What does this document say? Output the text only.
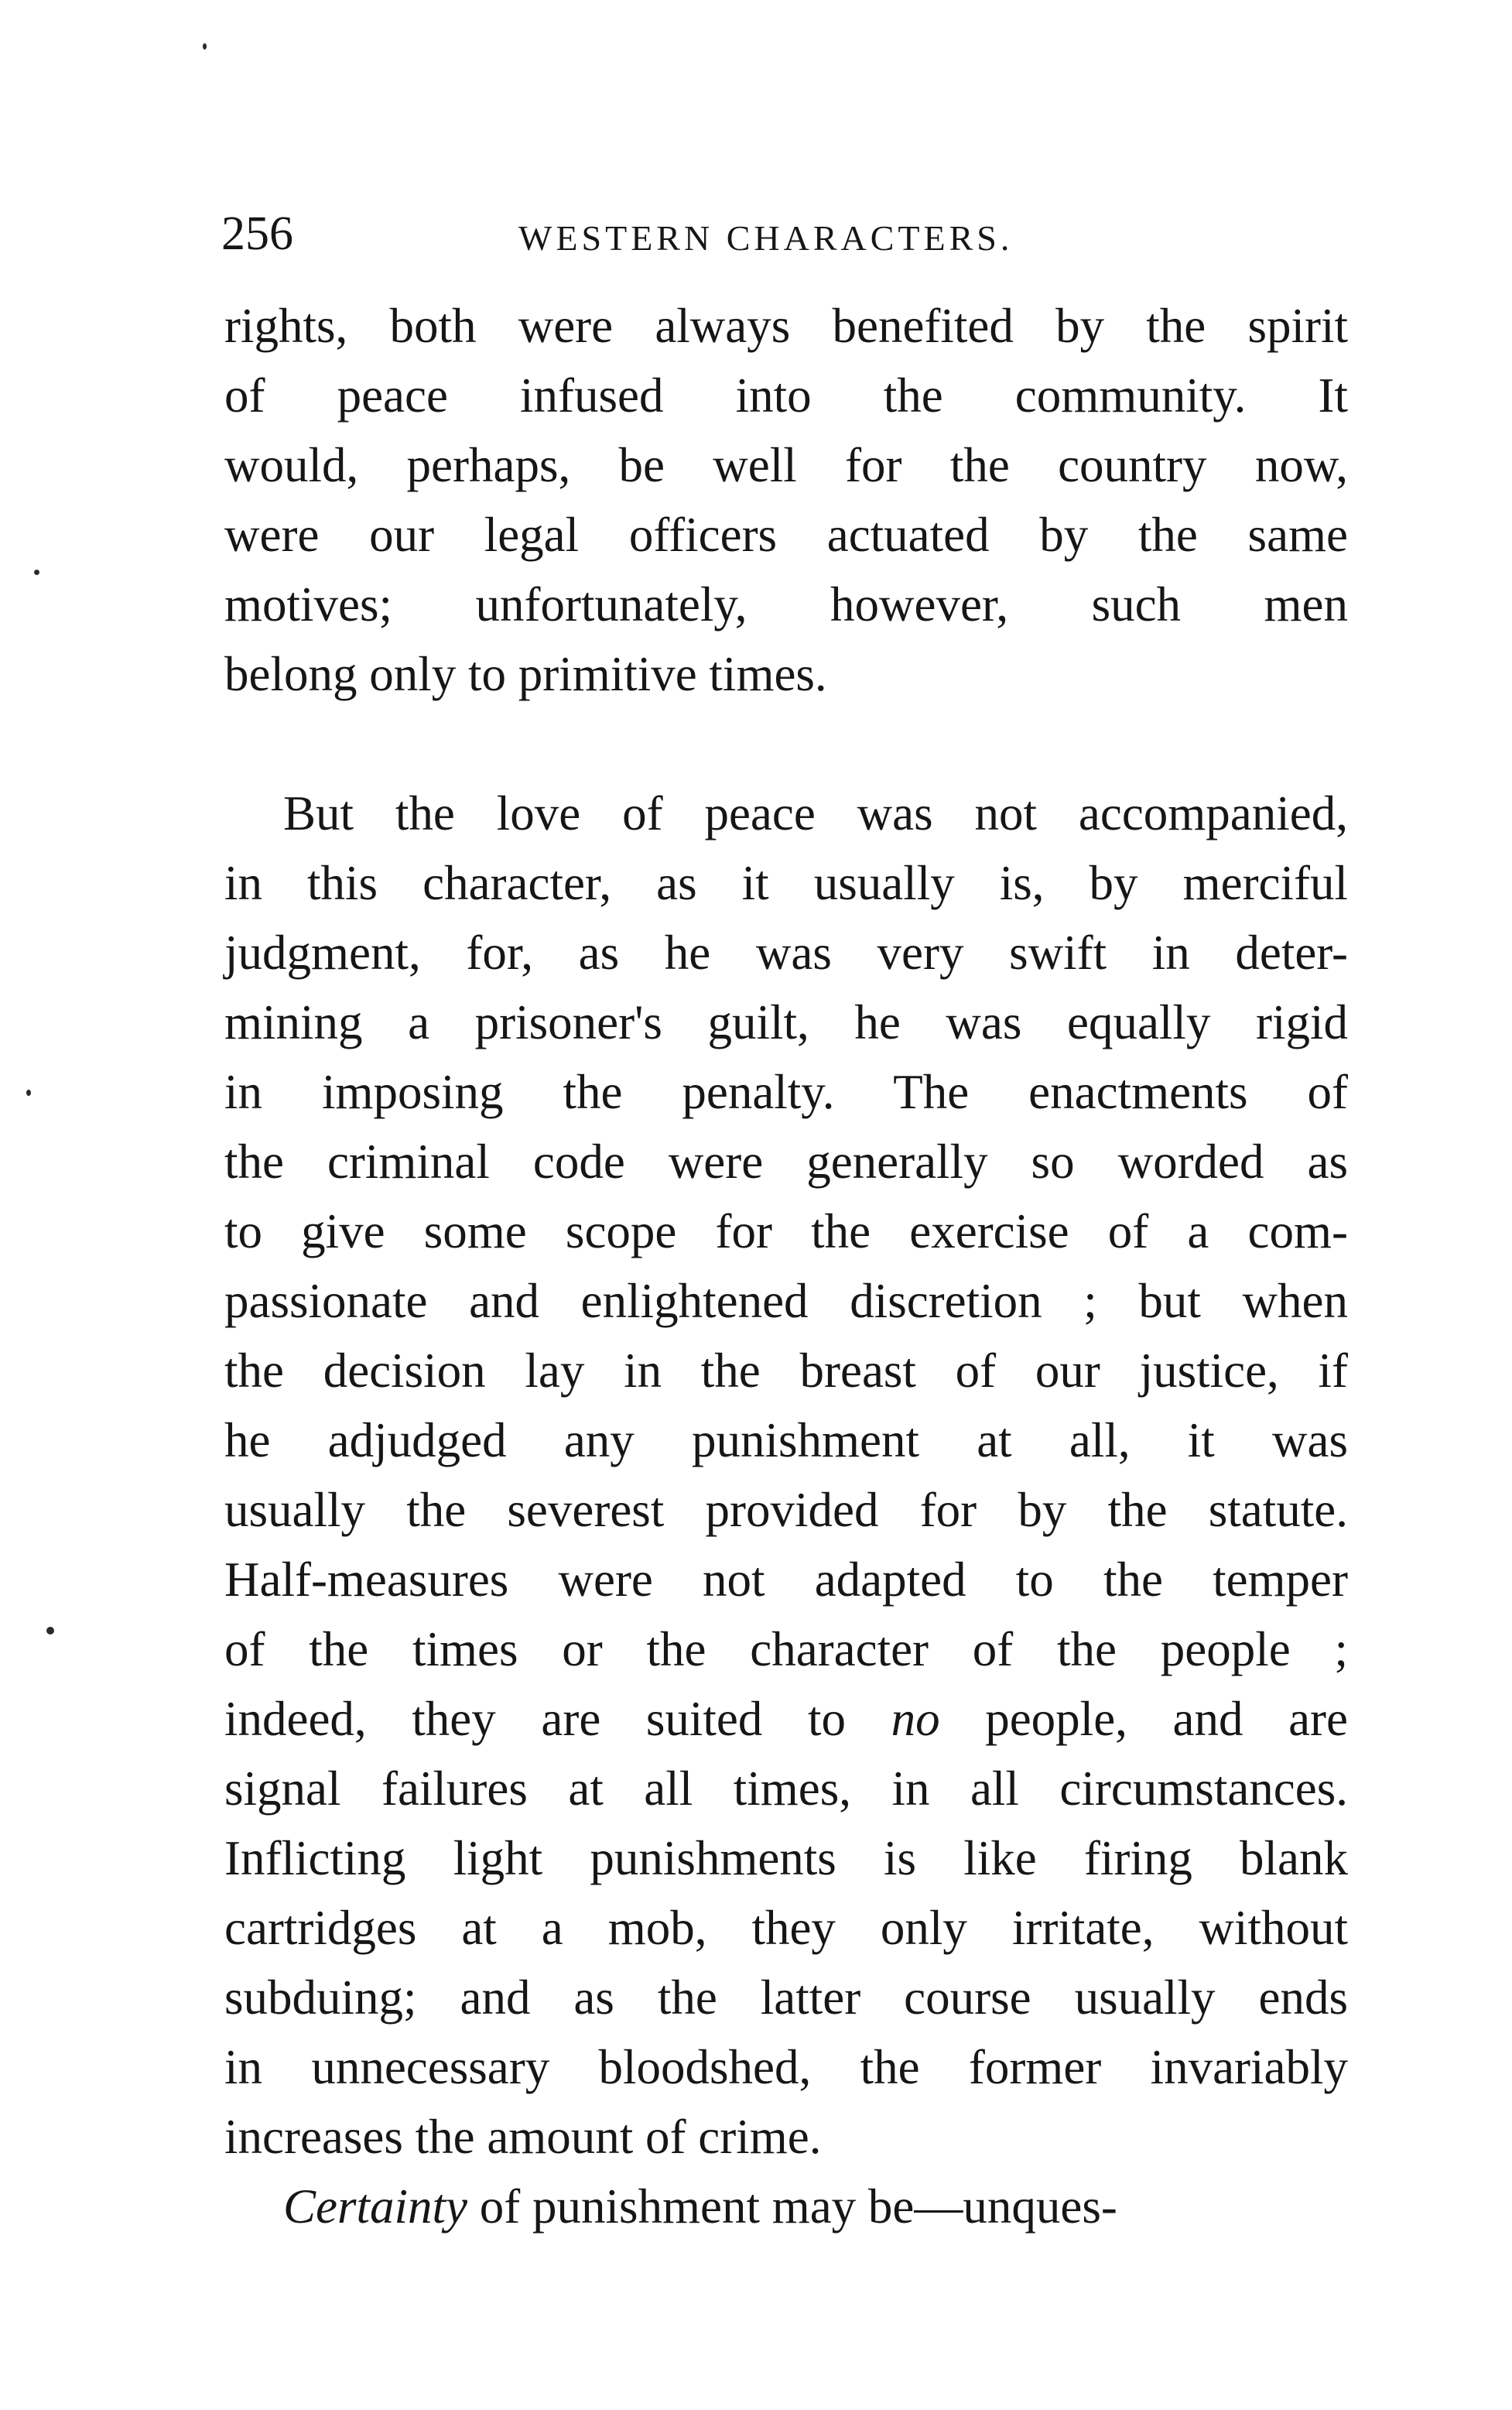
256	WESTERN CHARACTERS.
rights, both were always benefited by the spirit
of peace infused into the community. It
would, perhaps, be well for the country now,
were our legal officers actuated by the same
motives; unfortunately, however, such men
belong only to primitive times.
But the love of peace was not accompanied,
in this character, as it usually is, by merciful
judgment, for, as he was very swift in deter-
mining a prisoner's guilt, he was equally rigid
in imposing the penalty. The enactments of
the criminal code were generally so worded as
to give some scope for the exercise of a com-
passionate and enlightened discretion ; but when
the decision lay in the breast of our justice, if
he adjudged any punishment at all, it was
usually the severest provided for by the statute.
Half-measures were not adapted to the temper
of the times or the character of the people ;
indeed, they are suited to no people, and are
signal failures at all times, in all circumstances.
Inflicting light punishments is like firing blank
cartridges at a mob, they only irritate, without
subduing; and as the latter course usually ends
in unnecessary bloodshed, the former invariably
increases the amount of crime.
Certainty of punishment may be—unques-
